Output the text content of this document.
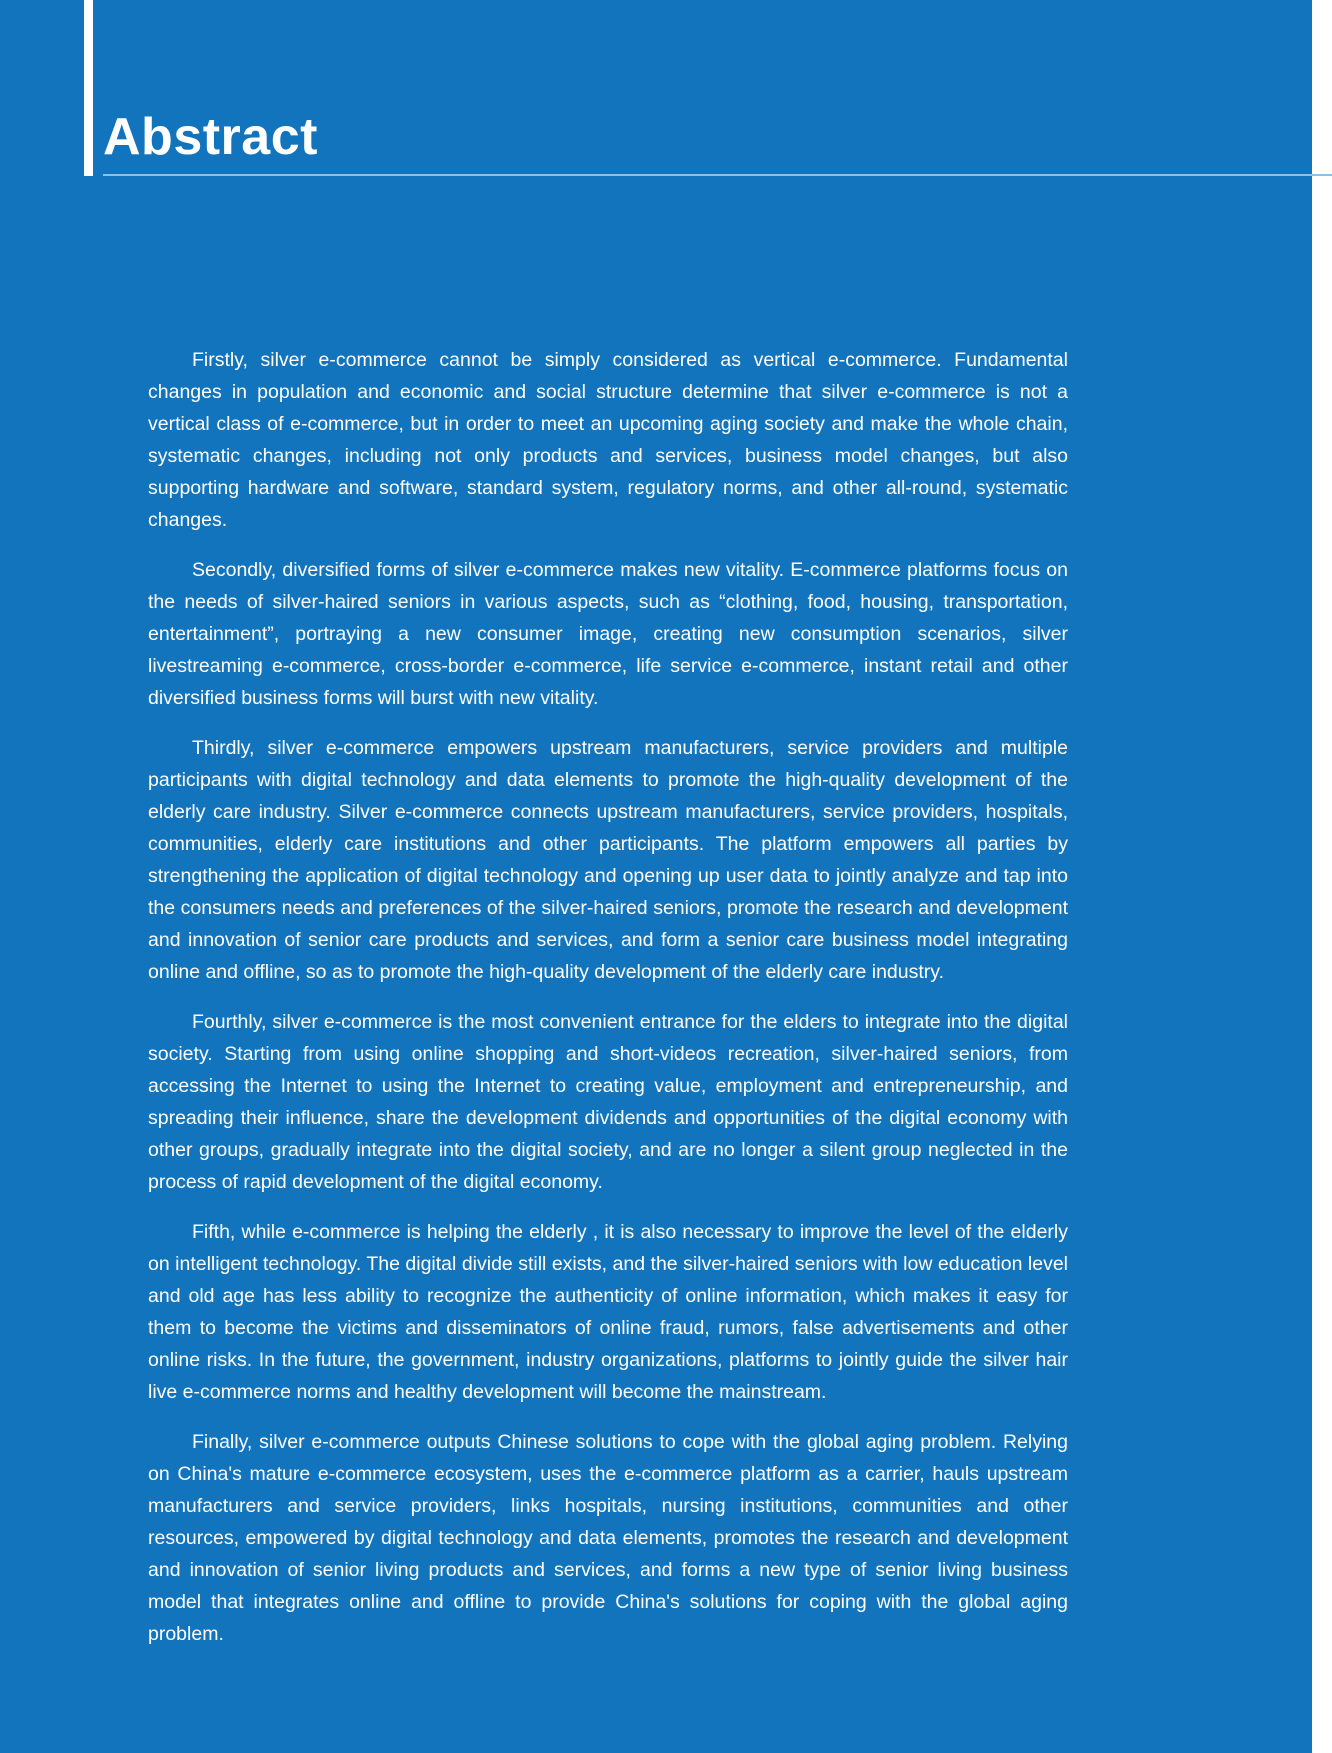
Abstract

Firstly, silver e-commerce cannot be simply considered as vertical e-commerce. Fundamental changes in population and economic and social structure determine that silver e-commerce is not a vertical class of e-commerce, but in order to meet an upcoming aging society and make the whole chain, systematic changes, including not only products and services, business model changes, but also supporting hardware and software, standard system, regulatory norms, and other all-round, systematic changes.

Secondly, diversified forms of silver e-commerce makes new vitality. E-commerce platforms focus on the needs of silver-haired seniors in various aspects, such as “clothing, food, housing, transportation, entertainment”, portraying a new consumer image, creating new consumption scenarios, silver livestreaming e-commerce, cross-border e-commerce, life service e-commerce, instant retail and other diversified business forms will burst with new vitality.

Thirdly, silver e-commerce empowers upstream manufacturers, service providers and multiple participants with digital technology and data elements to promote the high-quality development of the elderly care industry. Silver e-commerce connects upstream manufacturers, service providers, hospitals, communities, elderly care institutions and other participants. The platform empowers all parties by strengthening the application of digital technology and opening up user data to jointly analyze and tap into the consumers needs and preferences of the silver-haired seniors, promote the research and development and innovation of senior care products and services, and form a senior care business model integrating online and offline, so as to promote the high-quality development of the elderly care industry.

Fourthly, silver e-commerce is the most convenient entrance for the elders to integrate into the digital society. Starting from using online shopping and short-videos recreation, silver-haired seniors, from accessing the Internet to using the Internet to creating value, employment and entrepreneurship, and spreading their influence, share the development dividends and opportunities of the digital economy with other groups, gradually integrate into the digital society, and are no longer a silent group neglected in the process of rapid development of the digital economy.

Fifth, while e-commerce is helping the elderly , it is also necessary to improve the level of the elderly on intelligent technology. The digital divide still exists, and the silver-haired seniors with low education level and old age has less ability to recognize the authenticity of online information, which makes it easy for them to become the victims and disseminators of online fraud, rumors, false advertisements and other online risks. In the future, the government, industry organizations, platforms to jointly guide the silver hair live e-commerce norms and healthy development will become the mainstream.

Finally, silver e-commerce outputs Chinese solutions to cope with the global aging problem. Relying on China's mature e-commerce ecosystem, uses the e-commerce platform as a carrier, hauls upstream manufacturers and service providers, links hospitals, nursing institutions, communities and other resources, empowered by digital technology and data elements, promotes the research and development and innovation of senior living products and services, and forms a new type of senior living business model that integrates online and offline to provide China's solutions for coping with the global aging problem.
